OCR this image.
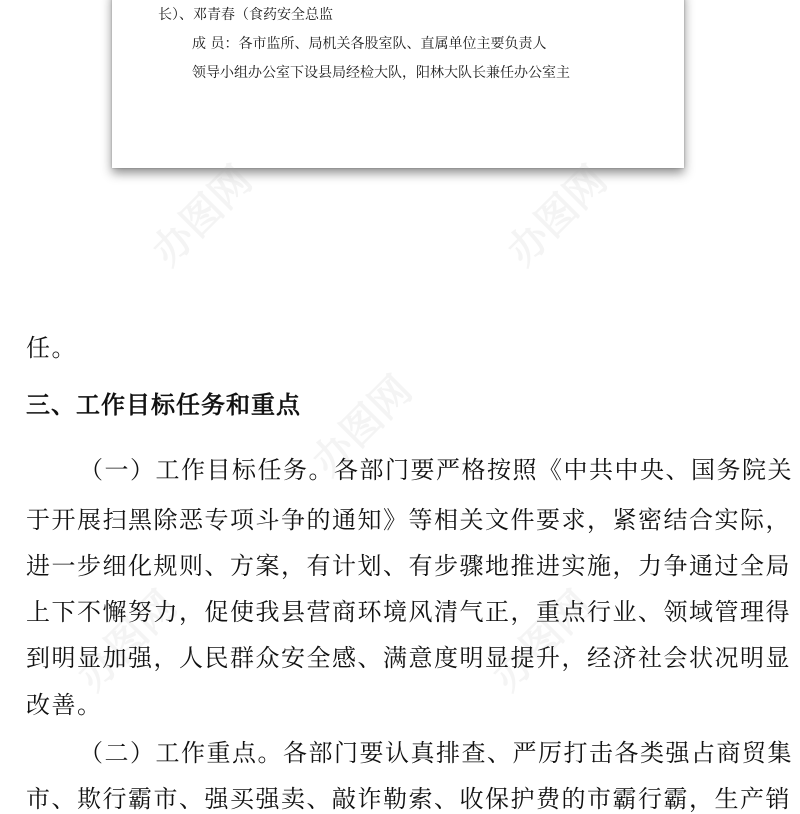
长）、邓青春（食药安全总监
成 员：各市监所、局机关各股室队、直属单位主要负责人
领导小组办公室下设县局经检大队，阳林大队长兼任办公室主
办图网	办图网
办图网
办图网	办图网
任。
三、工作目标任务和重点
（一）工作目标任务。各部门要严格按照《中共中央、国务院关
于开展扫黑除恶专项斗争的通知》等相关文件要求，紧密结合实际，
进一步细化规则、方案，有计划、有步骤地推进实施，力争通过全局
上下不懈努力，促使我县营商环境风清气正，重点行业、领域管理得
到明显加强，人民群众安全感、满意度明显提升，经济社会状况明显
改善。
（二）工作重点。各部门要认真排查、严厉打击各类强占商贸集
市、欺行霸市、强买强卖、敲诈勒索、收保护费的市霸行霸，生产销
